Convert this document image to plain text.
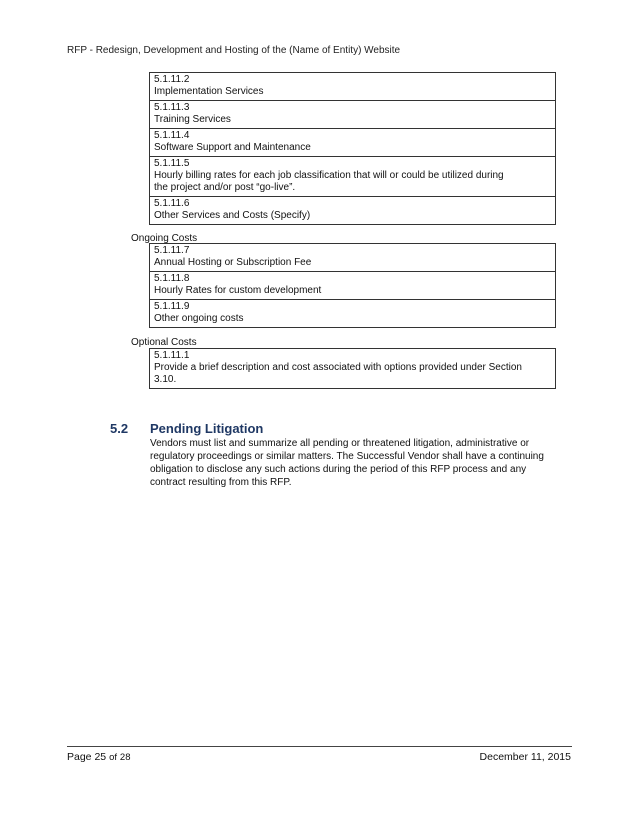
RFP - Redesign, Development and Hosting of the (Name of Entity) Website
5.1.11.2
Implementation Services

5.1.11.3
Training Services

5.1.11.4
Software Support and Maintenance

5.1.11.5
Hourly billing rates for each job classification that will or could be utilized during the project and/or post “go-live”.

5.1.11.6
Other Services and Costs (Specify)
Ongoing Costs
5.1.11.7
Annual Hosting or Subscription Fee

5.1.11.8
Hourly Rates for custom development

5.1.11.9
Other ongoing costs
Optional Costs
5.1.11.1
Provide a brief description and cost associated with options provided under Section 3.10.
5.2 Pending Litigation

Vendors must list and summarize all pending or threatened litigation, administrative or regulatory proceedings or similar matters. The Successful Vendor shall have a continuing obligation to disclose any such actions during the period of this RFP process and any contract resulting from this RFP.

Page 25 of 28	December 11, 2015
